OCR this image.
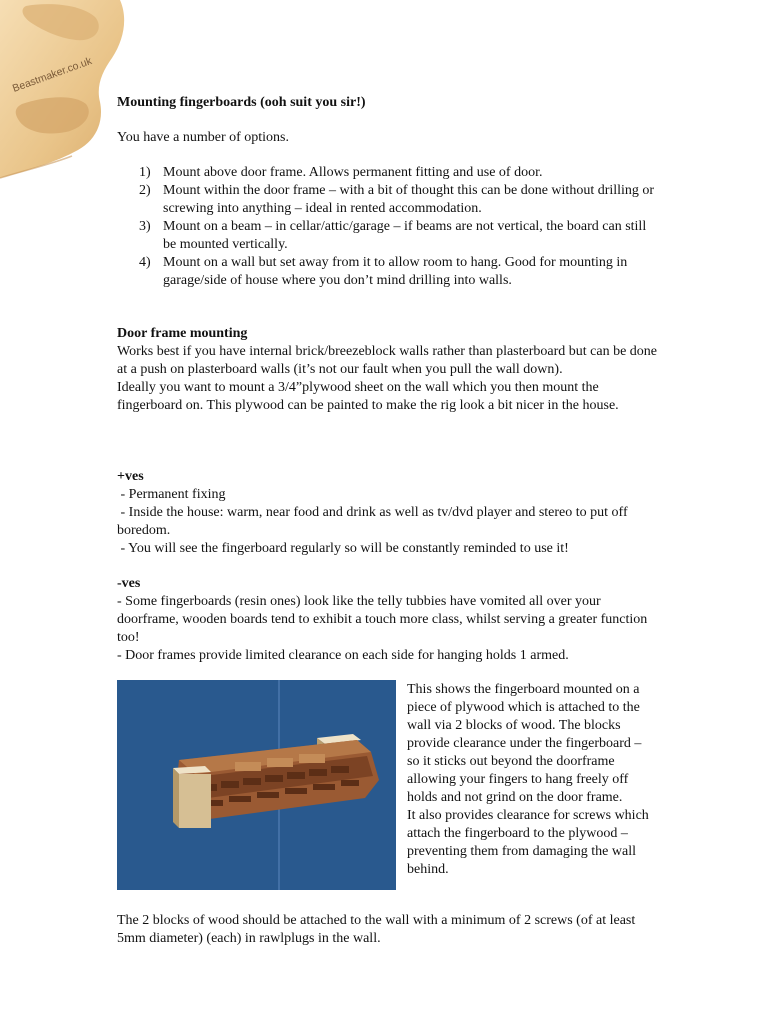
Beastmaker.co.uk
Mounting fingerboards (ooh suit you sir!)
You have a number of options.
1) Mount above door frame. Allows permanent fitting and use of door.
2) Mount within the door frame – with a bit of thought this can be done without drilling or screwing into anything – ideal in rented accommodation.
3) Mount on a beam – in cellar/attic/garage – if beams are not vertical, the board can still be mounted vertically.
4) Mount on a wall but set away from it to allow room to hang. Good for mounting in garage/side of house where you don’t mind drilling into walls.
Door frame mounting
Works best if you have internal brick/breezeblock walls rather than plasterboard but can be done at a push on plasterboard walls (it’s not our fault when you pull the wall down).
Ideally you want to mount a 3/4”plywood sheet on the wall which you then mount the fingerboard on. This plywood can be painted to make the rig look a bit nicer in the house.
+ves
- Permanent fixing
- Inside the house: warm, near food and drink as well as tv/dvd player and stereo to put off boredom.
- You will see the fingerboard regularly so will be constantly reminded to use it!
-ves
- Some fingerboards (resin ones) look like the telly tubbies have vomited all over your doorframe, wooden boards tend to exhibit a touch more class, whilst serving a greater function too!
- Door frames provide limited clearance on each side for hanging holds 1 armed.
This shows the fingerboard mounted on a piece of plywood which is attached to the wall via 2 blocks of wood. The blocks provide clearance under the fingerboard – so it sticks out beyond the doorframe allowing your fingers to hang freely off holds and not grind on the door frame.
It also provides clearance for screws which attach the fingerboard to the plywood – preventing them from damaging the wall behind.
The 2 blocks of wood should be attached to the wall with a minimum of 2 screws (of at least 5mm diameter) (each) in rawlplugs in the wall.
